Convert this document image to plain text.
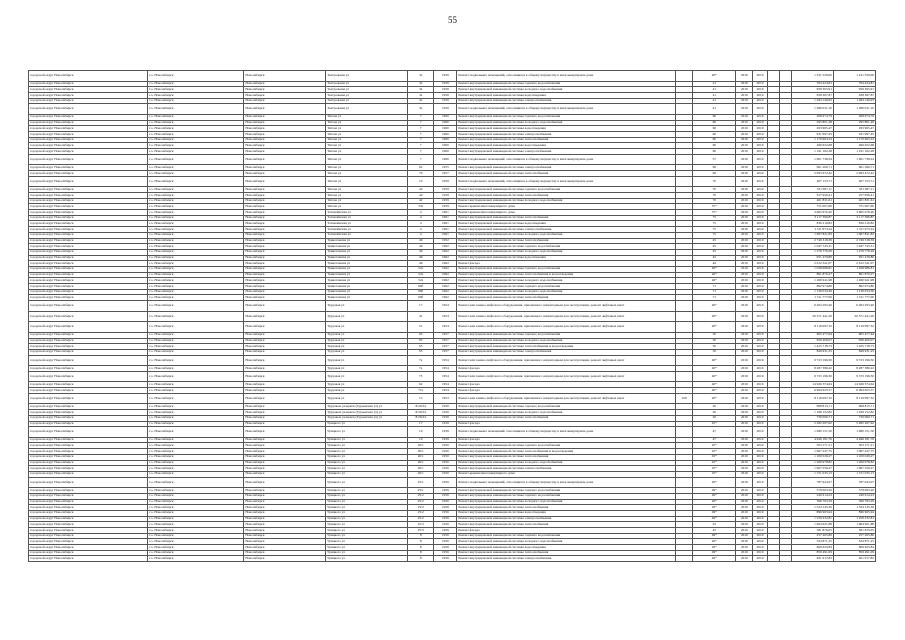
55
городской округ Новосибирск	г.о. Новосибирск	Новосибирск	Театральная ул	3а	1956	Ремонт подвальных помещений, относящихся к общему имуществу в многоквартирном доме		40*	2019	2019			1 231 529,00	1 231 529,00
городской округ Новосибирск	г.о. Новосибирск	Новосибирск	Театральная ул	3а	1956	Ремонт внутридомовой инженерной системы горячего водоснабжения		41	2019	2019			764 424,81	764 424,81
городской округ Новосибирск	г.о. Новосибирск	Новосибирск	Театральная ул	3а	1956	Ремонт внутридомовой инженерной системы холодного водоснабжения		41	2019	2019			959 305,91	959 305,91
городской округ Новосибирск	г.о. Новосибирск	Новосибирск	Театральная ул	3а	1956	Ремонт внутридомовой инженерной системы водоотведения		41	2019	2019			638 367,87	638 367,87
городской округ Новосибирск	г.о. Новосибирск	Новосибирск	Театральная ул	3а	1956	Ремонт внутридомовой инженерной системы электроснабжения		41	2019	2019			1 284 146,93	1 284 146,93
городской округ Новосибирск	г.о. Новосибирск	Новосибирск	Театральная ул	3а	1956	Ремонт подвальных помещений, относящихся к общему имуществу в многоквартирном доме		41	2019	2019			1 280 031,10	1 280 031,10
городской округ Новосибирск	г.о. Новосибирск	Новосибирск	Титова ул	7	1960	Ремонт внутридомовой инженерной системы горячего водоснабжения		60	2019	2019			268 974,79	268 974,79
городской округ Новосибирск	г.о. Новосибирск	Новосибирск	Титова ул	7	1960	Ремонт внутридомовой инженерной системы холодного водоснабжения		60	2019	2019			295 801,48	295 801,48
городской округ Новосибирск	г.о. Новосибирск	Новосибирск	Титова ул	7	1960	Ремонт внутридомовой инженерной системы водоотведения		60	2019	2019			293 965,47	293 965,47
городской округ Новосибирск	г.о. Новосибирск	Новосибирск	Титова ул	7	1960	Ремонт внутридомовой инженерной системы электроснабжения		60	2019	2019			931 997,45	931 997,45
городской округ Новосибирск	г.о. Новосибирск	Новосибирск	Титова ул	7	1960	Ремонт внутридомовой инженерной системы теплоснабжения		60	2019	2019			1 170 663,24	1 170 663,24
городской округ Новосибирск	г.о. Новосибирск	Новосибирск	Титова ул	7	1960	Ремонт внутридомовой инженерной системы водоотведения		60	2019	2019			499 652,68	499 652,68
городской округ Новосибирск	г.о. Новосибирск	Новосибирск	Титова ул	7	1960	Ремонт внутридомовой инженерной системы электроснабжения		60	2019	2019			1 191 162,28	1 191 162,28
городской округ Новосибирск	г.о. Новосибирск	Новосибирск	Титова ул	7	1960	Ремонт подвальных помещений, относящихся к общему имуществу в многоквартирном доме		57	2019	2019			1 001 738,24	1 001 738,24
городской округ Новосибирск	г.о. Новосибирск	Новосибирск	Титова ул	62	1955	Ремонт внутридомовой инженерной системы электроснабжения		69	2019	2019			961 266,71	961 266,71
городской округ Новосибирск	г.о. Новосибирск	Новосибирск	Титова ул	79	1957	Ремонт внутридомовой инженерной системы теплоснабжения		69	2019	2019			2 093 472,42	2 093 472,42
городской округ Новосибирск	г.о. Новосибирск	Новосибирск	Титова ул	10	1959	Ремонт подвальных помещений, относящихся к общему имуществу в многоквартирном доме		70	2019	2019			467 153,71	467 153,71
городской округ Новосибирск	г.о. Новосибирск	Новосибирск	Титова ул	42	1959	Ремонт внутридомовой инженерной системы горячего водоснабжения		70	2019	2019			331 967,11	331 967,11
городской округ Новосибирск	г.о. Новосибирск	Новосибирск	Титова ул	42	1959	Ремонт внутридомовой инженерной системы теплоснабжения		70	2019	2019			257 956,41	257 956,41
городской округ Новосибирск	г.о. Новосибирск	Новосибирск	Титова ул	42	1959	Ремонт внутридомовой инженерной системы холодного водоснабжения		70	2019	2019			401 831,61	401 831,61
городской округ Новосибирск	г.о. Новосибирск	Новосибирск	Титова ул	33а	1959	Ремонт крыши многоквартирного дома		57*	2019	2019			751 007,60	751 007,60
городской округ Новосибирск	г.о. Новосибирск	Новосибирск	Толмачёвская ул	4	1961	Ремонт крыши многоквартирного дома		75*	2019	2019			3 665 976,20	3 665 976,20
городской округ Новосибирск	г.о. Новосибирск	Новосибирск	Толмачёвская ул	4	1961	Ремонт внутридомовой инженерной системы теплоснабжения		75	2019	2019			3 117 366,87	3 117 366,87
городской округ Новосибирск	г.о. Новосибирск	Новосибирск	Толмачёвская ул	4	1961	Ремонт внутридомовой инженерной системы водоотведения		75	2019	2019			836 219,82	836 219,82
городской округ Новосибирск	г.о. Новосибирск	Новосибирск	Толмачёвская ул	4	1961	Ремонт внутридомовой инженерной системы электроснабжения		75	2019	2019			1 311 973,24	1 311 973,24
городской округ Новосибирск	г.о. Новосибирск	Новосибирск	Толмачёвская ул	4	1961	Ремонт внутридомовой инженерной системы холодного водоснабжения		75	2019	2019			1 067 821,83	1 067 821,83
городской округ Новосибирск	г.о. Новосибирск	Новосибирск	Трикотажная ул	49	1952	Ремонт внутридомовой инженерной системы теплоснабжения		45	2019	2019			2 749 318,39	2 749 318,39
городской округ Новосибирск	г.о. Новосибирск	Новосибирск	Трикотажная ул	49	1962	Ремонт внутридомовой инженерной системы горячего водоснабжения		45	2019	2019			1 047 745,31	1 047 745,31
городской округ Новосибирск	г.о. Новосибирск	Новосибирск	Трикотажная ул	49	1962	Ремонт внутридомовой инженерной системы холодного водоснабжения		45	2019	2019			1 276 776,29	1 276 776,29
городской округ Новосибирск	г.о. Новосибирск	Новосибирск	Трикотажная ул	49	1962	Ремонт внутридомовой инженерной системы водоотведения		45	2019	2019			951 479,80	951 479,80
городской округ Новосибирск	г.о. Новосибирск	Новосибирск	Трикотажная ул	49	1962	Ремонт фасада		46	2019	2019			2 612 541,07	2 612 541,07
городской округ Новосибирск	г.о. Новосибирск	Новосибирск	Трикотажная ул	52а	1962	Ремонт внутридомовой инженерной системы горячего водоснабжения		46*	2019	2019			1 028 686,81	1 028 686,81
городской округ Новосибирск	г.о. Новосибирск	Новосибирск	Трикотажная ул	52а	1962	Ремонт внутридомовой инженерной системы теплоснабжения и водоотведения		46*	2019	2019			891 879,27	891 879,27
городской округ Новосибирск	г.о. Новосибирск	Новосибирск	Трикотажная ул	52а	1962	Ремонт внутридомовой инженерной системы холодного водоснабжения		46*	2019	2019			1 260 941,98	1 260 941,98
городской округ Новосибирск	г.о. Новосибирск	Новосибирск	Трикотажная ул	60б	1962	Ремонт внутридомовой инженерной системы горячего водоснабжения		71	2019	2019			892 974,80	892 974,80
городской округ Новосибирск	г.о. Новосибирск	Новосибирск	Трикотажная ул	60б	1962	Ремонт внутридомовой инженерной системы холодного водоснабжения		71	2019	2019			1 136 034,36	1 136 034,36
городской округ Новосибирск	г.о. Новосибирск	Новосибирск	Трикотажная ул	60б	1962	Ремонт внутридомовой инженерной системы теплоснабжения		71	2019	2019			1 311 777,00	1 311 777,00
городской округ Новосибирск	г.о. Новосибирск	Новосибирск	Трудовая ул	17	1954	Ремонт или замена лифтового оборудования, признанного непригодным для эксплуатации, ремонт лифтовых шахт		40*	2019	2019			6 463 293,40	6 463 293,40
городской округ Новосибирск	г.о. Новосибирск	Новосибирск	Трудовая ул	41	1954	Ремонт или замена лифтового оборудования, признанного непригодным для эксплуатации, ремонт лифтовых шахт		40*	2019	2019			20 371 441,20	20 371 441,20
городской округ Новосибирск	г.о. Новосибирск	Новосибирск	Трудовая ул	51	1954	Ремонт или замена лифтового оборудования, признанного непригодным для эксплуатации, ремонт лифтовых шахт		40*	2019	2019			8 116 097,32	8 116 097,32
городской округ Новосибирск	г.о. Новосибирск	Новосибирск	Трудовая ул	95	1957	Ремонт внутридомовой инженерной системы горячего водоснабжения		50	2019	2019			605 477,64	605 477,64
городской округ Новосибирск	г.о. Новосибирск	Новосибирск	Трудовая ул	95	1957	Ремонт внутридомовой инженерной системы холодного водоснабжения		50	2019	2019			956 400,07	956 400,07
городской округ Новосибирск	г.о. Новосибирск	Новосибирск	Трудовая ул	95	1957	Ремонт внутридомовой инженерной системы теплоснабжения и водоотведения		50	2019	2019			1 425 718,73	1 425 718,73
городской округ Новосибирск	г.о. Новосибирск	Новосибирск	Трудовая ул	95	1957	Ремонт внутридомовой инженерной системы электроснабжения		50	2019	2019			849 931,25	849 931,25
городской округ Новосибирск	г.о. Новосибирск	Новосибирск	Трудовая ул	7а	1954	Ремонт или замена лифтового оборудования, признанного непригодным для эксплуатации, ремонт лифтовых шахт		40*	2019	2019			9 723 196,30	9 723 196,30
городской округ Новосибирск	г.о. Новосибирск	Новосибирск	Трудовая ул	7а	1954	Ремонт фасада		40*	2019	2019			8 287 386,22	8 287 386,22
городской округ Новосибирск	г.о. Новосибирск	Новосибирск	Трудовая ул	73	1954	Ремонт или замена лифтового оборудования, признанного непригодным для эксплуатации, ремонт лифтовых шахт		40*	2019	2019			9 723 196,30	9 723 196,30
городской округ Новосибирск	г.о. Новосибирск	Новосибирск	Трудовая ул	62	1954	Ремонт фасада		40*	2019	2019			14 926 374,64	14 926 374,64
городской округ Новосибирск	г.о. Новосибирск	Новосибирск	Трудовая ул	71а	1954	Ремонт фасада		40*	2019	2019			6 994 625,57	6 994 625,57
городской округ Новосибирск	г.о. Новосибирск	Новосибирск	Трудовая ул	15	1953	Ремонт или замена лифтового оборудования, признанного непригодным для эксплуатации, ремонт лифтовых шахт	100	40*	2019	2019			8 116 097,32	8 116 097,32
городской округ Новосибирск	г.о. Новосибирск	Новосибирск	Трудовых резервов (Гурьевская ул) ул	8/20/24	1956	Ремонт внутридомовой инженерной системы горячего водоснабжения		20	2019	2019			968 815,71	968 815,71
городской округ Новосибирск	г.о. Новосибирск	Новосибирск	Трудовых резервов (Гурьевская ул) ул	8/20/24	1956	Ремонт внутридомовой инженерной системы холодного водоснабжения		20	2019	2019			1 189 152,82	1 189 152,82
городской округ Новосибирск	г.о. Новосибирск	Новосибирск	Трудовых резервов (Гурьевская ул) ул	8/20/24	1956	Ремонт внутридомовой инженерной системы теплоснабжения		20	2019	2019			730 060,71	730 060,71
городской округ Новосибирск	г.о. Новосибирск	Новосибирск	Урицкого ул	17	1939	Ремонт фасада		45*	2019	2019			5 282 267,62	5 282 267,62
городской округ Новосибирск	г.о. Новосибирск	Новосибирск	Урицкого ул	19	1939	Ремонт подвальных помещений, относящихся к общему имуществу в многоквартирном доме		47	2019	2019			1 080 151,50	1 080 151,50
городской округ Новосибирск	г.о. Новосибирск	Новосибирск	Урицкого ул	19	1939	Ремонт фасада		47	2019	2019			4 946 181,76	4 946 181,76
городской округ Новосибирск	г.о. Новосибирск	Новосибирск	Урицкого ул	20/1	1950	Ремонт внутридомовой инженерной системы горячего водоснабжения		45*	2019	2019			503 171,21	503 171,21
городской округ Новосибирск	г.о. Новосибирск	Новосибирск	Урицкого ул	20/1	1950	Ремонт внутридомовой инженерной системы теплоснабжения и водоотведения		45*	2019	2019			1 067 247,75	1 067 247,75
городской округ Новосибирск	г.о. Новосибирск	Новосибирск	Урицкого ул	20/1	1950	Ремонт внутридомовой инженерной системы теплоснабжения		45*	2019	2019			1 100 029,27	1 100 029,27
городской округ Новосибирск	г.о. Новосибирск	Новосибирск	Урицкого ул	20/1	1950	Ремонт внутридомовой инженерной системы холодного водоснабжения		45*	2019	2019			1 269 978,82	1 269 978,82
городской округ Новосибирск	г.о. Новосибирск	Новосибирск	Урицкого ул	20/1	1950	Ремонт внутридомовой инженерной системы электроснабжения		45*	2019	2019			1 067 559,27	1 067 559,27
городской округ Новосибирск	г.о. Новосибирск	Новосибирск	Урицкого ул	20/1	1950	Ремонт крыши многоквартирного дома		45*	2019	2019			1 721 035,13	1 721 035,13
городской округ Новосибирск	г.о. Новосибирск	Новосибирск	Урицкого ул	25/1	1956	Ремонт подвальных помещений, относящихся к общему имуществу в многоквартирном доме		49*	2019	2019			787 943,07	787 943,07
городской округ Новосибирск	г.о. Новосибирск	Новосибирск	Урицкого ул	25/1	1956	Ремонт внутридомовой инженерной системы горячего водоснабжения		49*	2019	2019			579 063,20	579 063,20
городской округ Новосибирск	г.о. Новосибирск	Новосибирск	Урицкого ул	25/2	1956	Ремонт внутридомовой инженерной системы горячего водоснабжения		49*	2019	2019			240 914,23	240 914,23
городской округ Новосибирск	г.о. Новосибирск	Новосибирск	Урицкого ул	25/2	1956	Ремонт внутридомовой инженерной системы холодного водоснабжения		49*	2019	2019			596 763,29	596 763,29
городской округ Новосибирск	г.о. Новосибирск	Новосибирск	Урицкого ул	25/2	1956	Ремонт внутридомовой инженерной системы теплоснабжения		49*	2019	2019			1 524 145,39	1 524 145,39
городской округ Новосибирск	г.о. Новосибирск	Новосибирск	Урицкого ул	25/2	1956	Ремонт внутридомовой инженерной системы водоотведения		49*	2019	2019			896 965,94	896 965,94
городской округ Новосибирск	г.о. Новосибирск	Новосибирск	Урицкого ул	25/2	1956	Ремонт внутридомовой инженерной системы электроснабжения		49*	2019	2019			1 259 232,81	1 259 232,81
городской округ Новосибирск	г.о. Новосибирск	Новосибирск	Урицкого ул	25/3	1956	Ремонт внутридомовой инженерной системы теплоснабжения		45	2019	2019			1 664 621,88	1 664 621,88
городской округ Новосибирск	г.о. Новосибирск	Новосибирск	Урицкого ул	25/3	1956	Ремонт фасада		45	2019	2019			581 876,05	581 876,05
городской округ Новосибирск	г.о. Новосибирск	Новосибирск	Урицкого ул	8	1956	Ремонт внутридомовой инженерной системы горячего водоснабжения		49*	2019	2019			257 265,80	257 265,80
городской округ Новосибирск	г.о. Новосибирск	Новосибирск	Урицкого ул	8	1956	Ремонт внутридомовой инженерной системы холодного водоснабжения		49*	2019	2019			324 871,25	324 871,25
городской округ Новосибирск	г.о. Новосибирск	Новосибирск	Урицкого ул	8	1956	Ремонт внутридомовой инженерной системы водоотведения		49*	2019	2019			609 623,84	609 623,84
городской округ Новосибирск	г.о. Новосибирск	Новосибирск	Урицкого ул	8	1956	Ремонт внутридомовой инженерной системы теплоснабжения		49*	2019	2019			859 491,09	859 491,09
городской округ Новосибирск	г.о. Новосибирск	Новосибирск	Урицкого ул	8	1956	Ремонт внутридомовой инженерной системы электроснабжения		49*	2019	2019			621 917,82	621 917,82
